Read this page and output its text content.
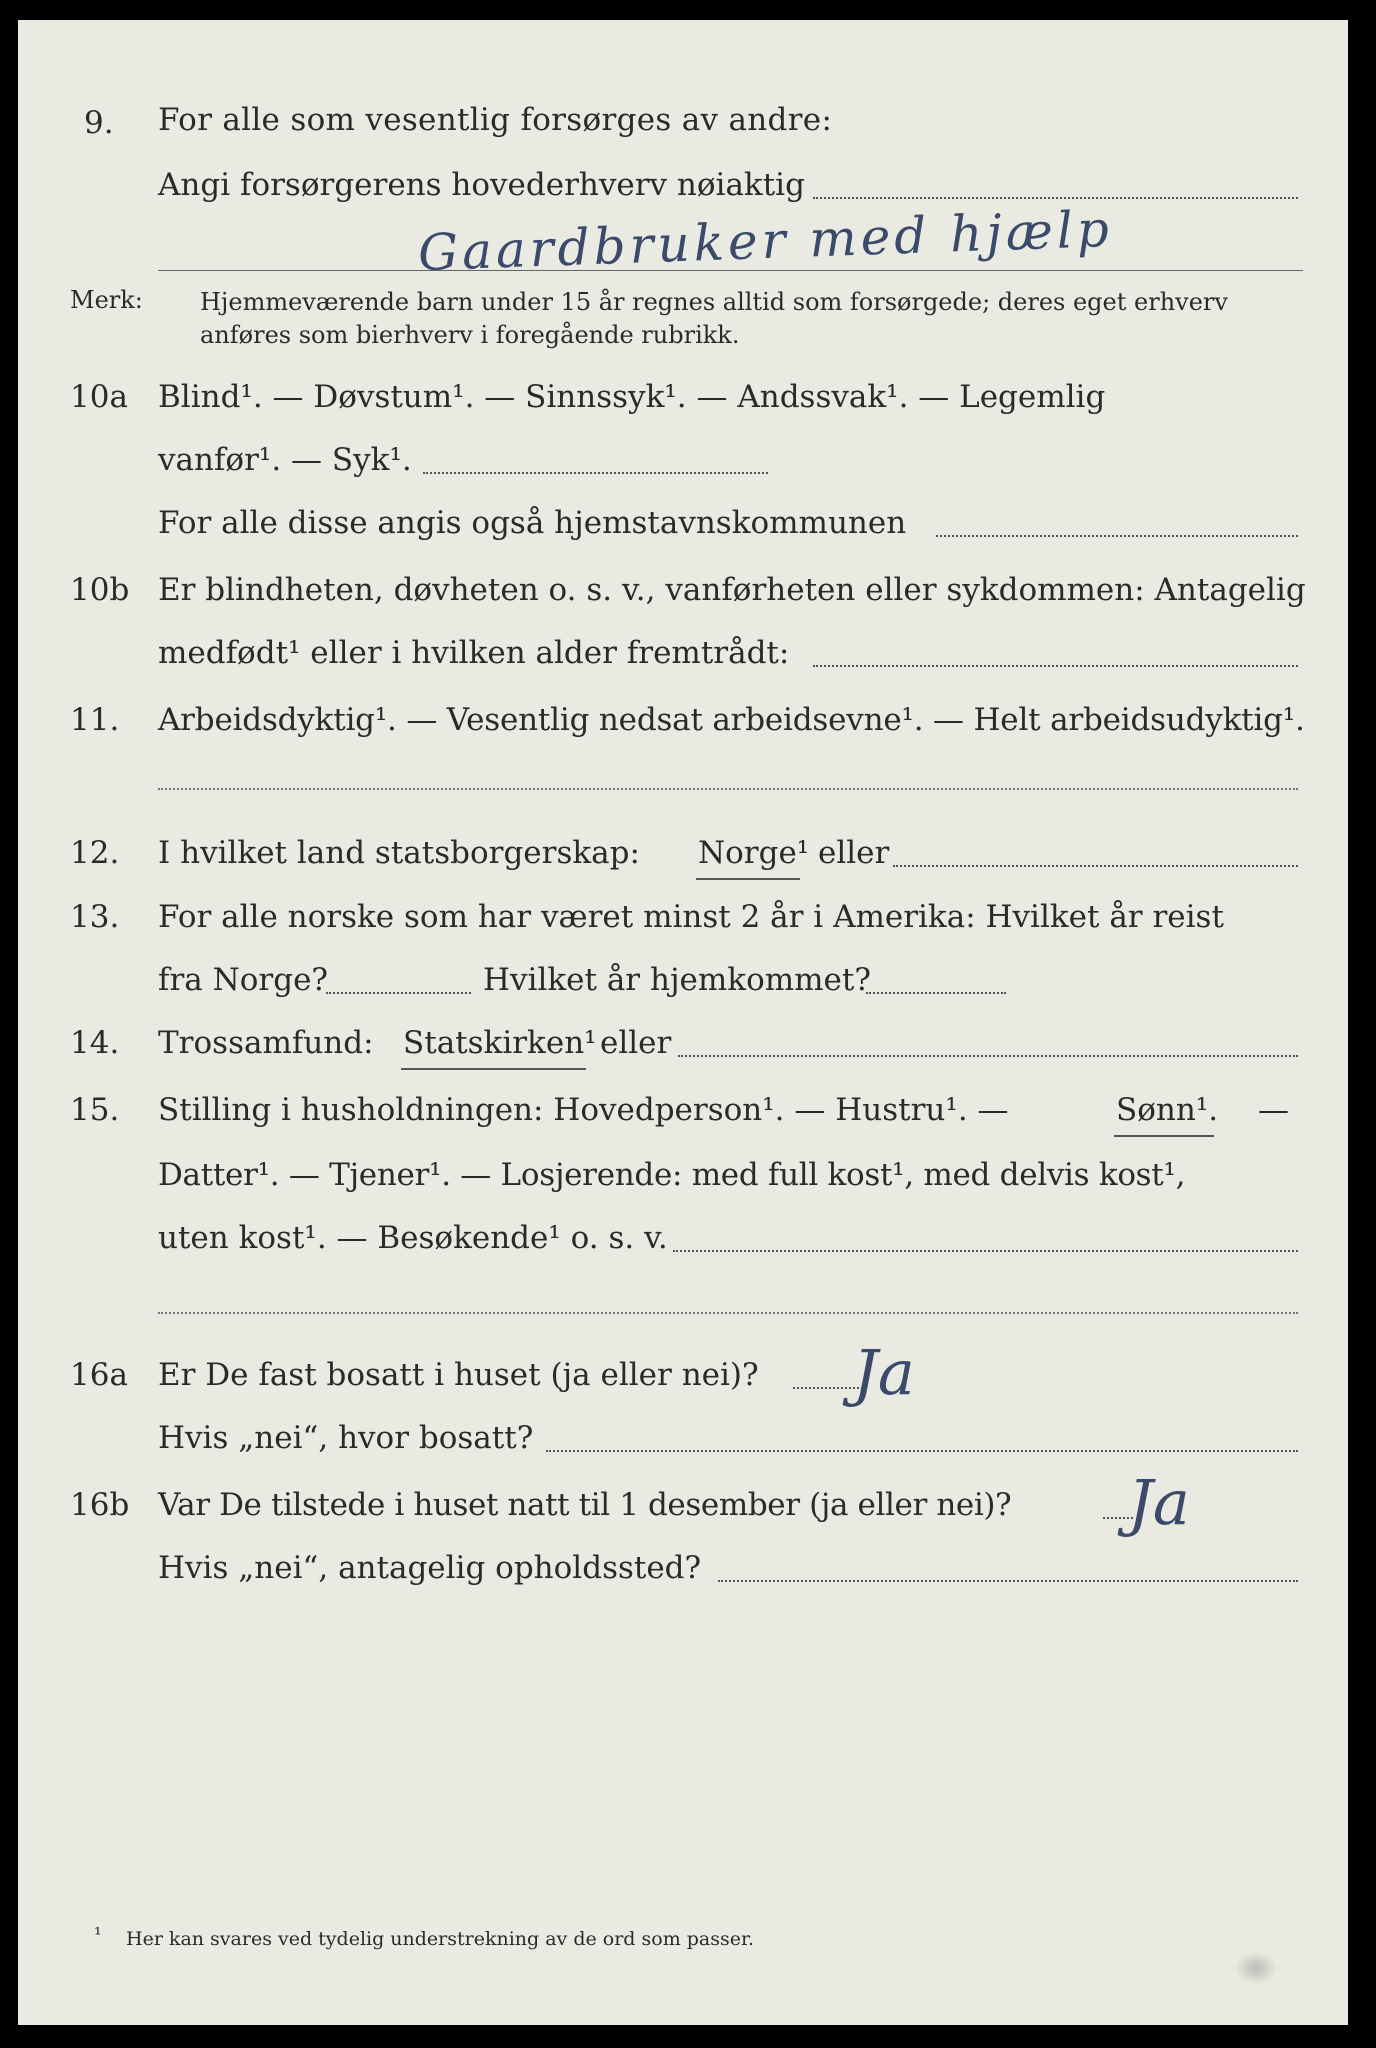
9. For alle som vesentlig forsørges av andre:
Angi forsørgerens hovederhverv nøiaktig
Gaardbruker med hjælp
Merk: Hjemmeværende barn under 15 år regnes alltid som forsørgede; deres eget erhverv
anføres som bierhverv i foregående rubrikk.
10a Blind¹. — Døvstum¹. — Sinnssyk¹. — Andssvak¹. — Legemlig
vanfør¹. — Syk¹.
For alle disse angis også hjemstavnskommunen
10b Er blindheten, døvheten o. s. v., vanførheten eller sykdommen: Antagelig
medfødt¹ eller i hvilken alder fremtrådt:
11. Arbeidsdyktig¹. — Vesentlig nedsat arbeidsevne¹. — Helt arbeidsudyktig¹.
12. I hvilket land statsborgerskap: Norge¹ eller
13. For alle norske som har været minst 2 år i Amerika: Hvilket år reist
fra Norge?	Hvilket år hjemkommet?
14. Trossamfund: Statskirken¹ eller
15. Stilling i husholdningen: Hovedperson¹. — Hustru¹. —	Sønn¹. —
Datter¹. — Tjener¹. — Losjerende: med full kost¹, med delvis kost¹,
uten kost¹. — Besøkende¹ o. s. v.
16a Er De fast bosatt i huset (ja eller nei)? Ja
Hvis „nei“, hvor bosatt?
16b Var De tilstede i huset natt til 1 desember (ja eller nei)? Ja
Hvis „nei“, antagelig opholdssted?
¹ Her kan svares ved tydelig understrekning av de ord som passer.
